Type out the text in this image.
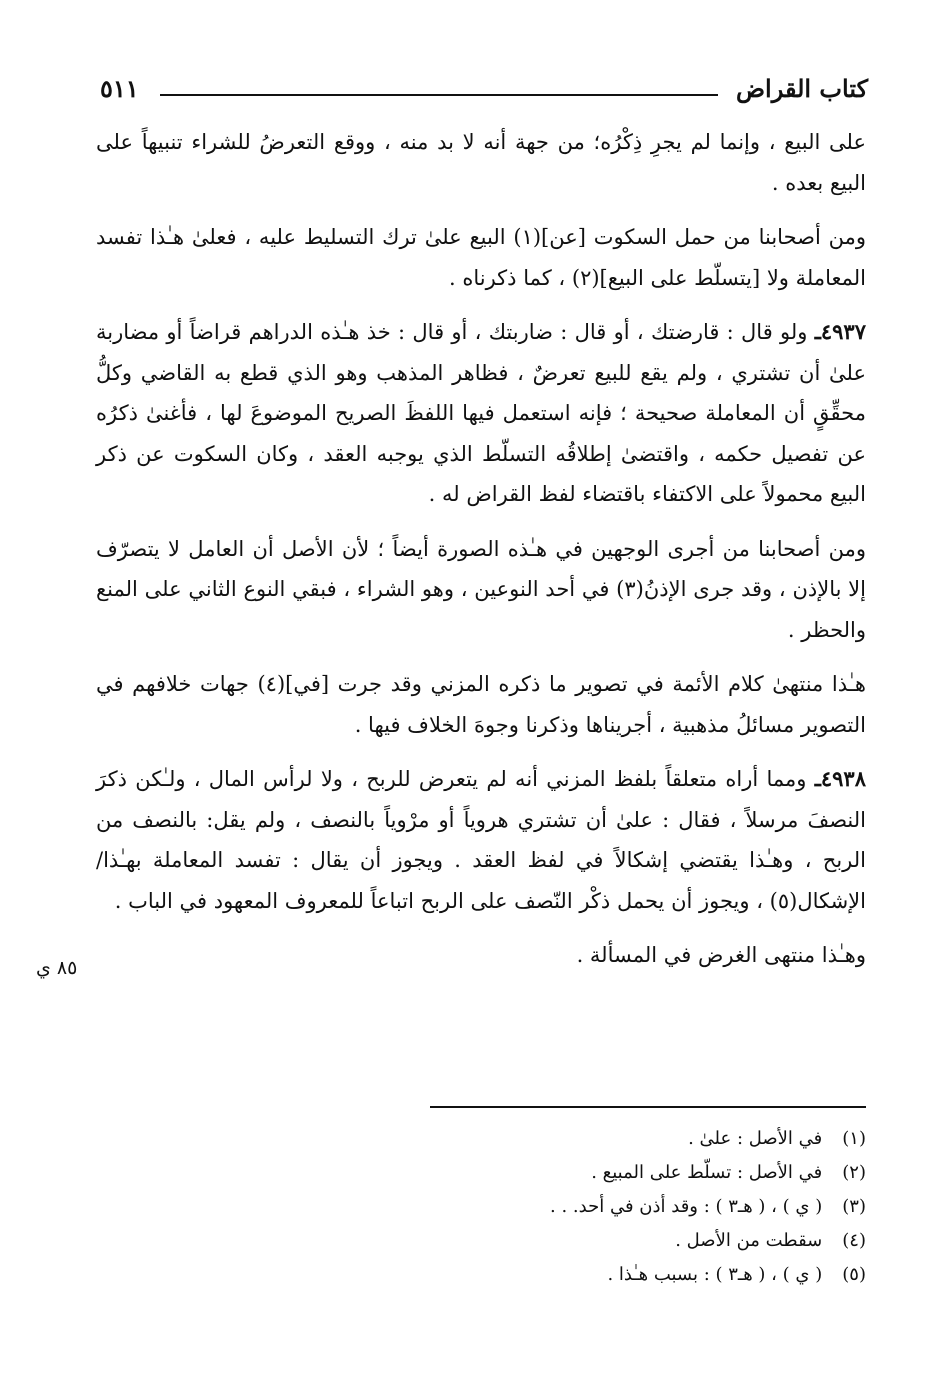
كتاب القراض
٥١١

على البيع ، وإنما لم يجرِ ذِكْرُه؛ من جهة أنه لا بد منه ، ووقع التعرضُ للشراء تنبيهاً على البيع بعده .

ومن أصحابنا من حمل السكوت [عن](١) البيع علىٰ ترك التسليط عليه ، فعلىٰ هـٰذا تفسد المعاملة ولا [يتسلّط على البيع](٢) ، كما ذكرناه .

٤٩٣٧ـ ولو قال : قارضتك ، أو قال : ضاربتك ، أو قال : خذ هـٰذه الدراهم قراضاً أو مضاربة علىٰ أن تشتري ، ولم يقع للبيع تعرضٌ ، فظاهر المذهب وهو الذي قطع به القاضي وكلُّ محقِّقٍ أن المعاملة صحيحة ؛ فإنه استعمل فيها اللفظَ الصريح الموضوعَ لها ، فأغنىٰ ذكرُه عن تفصيل حكمه ، واقتضىٰ إطلاقُه التسلّط الذي يوجبه العقد ، وكان السكوت عن ذكر البيع محمولاً على الاكتفاء باقتضاء لفظ القراض له .

ومن أصحابنا من أجرى الوجهين في هـٰذه الصورة أيضاً ؛ لأن الأصل أن العامل لا يتصرّف إلا بالإذن ، وقد جرى الإذنُ(٣) في أحد النوعين ، وهو الشراء ، فبقي النوع الثاني على المنع والحظر .

هـٰذا منتهىٰ كلام الأئمة في تصوير ما ذكره المزني وقد جرت [في](٤) جهات خلافهم في التصوير مسائلُ مذهبية ، أجريناها وذكرنا وجوهَ الخلاف فيها .

٤٩٣٨ـ ومما أراه متعلقاً بلفظ المزني أنه لم يتعرض للربح ، ولا لرأس المال ، ولـٰكن ذكرَ النصفَ مرسلاً ، فقال : علىٰ أن تشتري هروياً أو مرْوياً بالنصف ، ولم يقل: بالنصف من الربح ، وهـٰذا يقتضي إشكالاً في لفظ العقد . ويجوز أن يقال : تفسد المعاملة بهـٰذا/ الإشكال(٥) ، ويجوز أن يحمل ذكْر النّصف على الربح اتباعاً للمعروف المعهود في الباب .

وهـٰذا منتهى الغرض في المسألة .

٨٥ ي
(١) في الأصل : علىٰ .
(٢) في الأصل : تسلّط على المبيع .
(٣) ( ي ) ، ( هـ٣ ) : وقد أذن في أحد. . .
(٤) سقطت من الأصل .
(٥) ( ي ) ، ( هـ٣ ) : بسبب هـٰذا .
